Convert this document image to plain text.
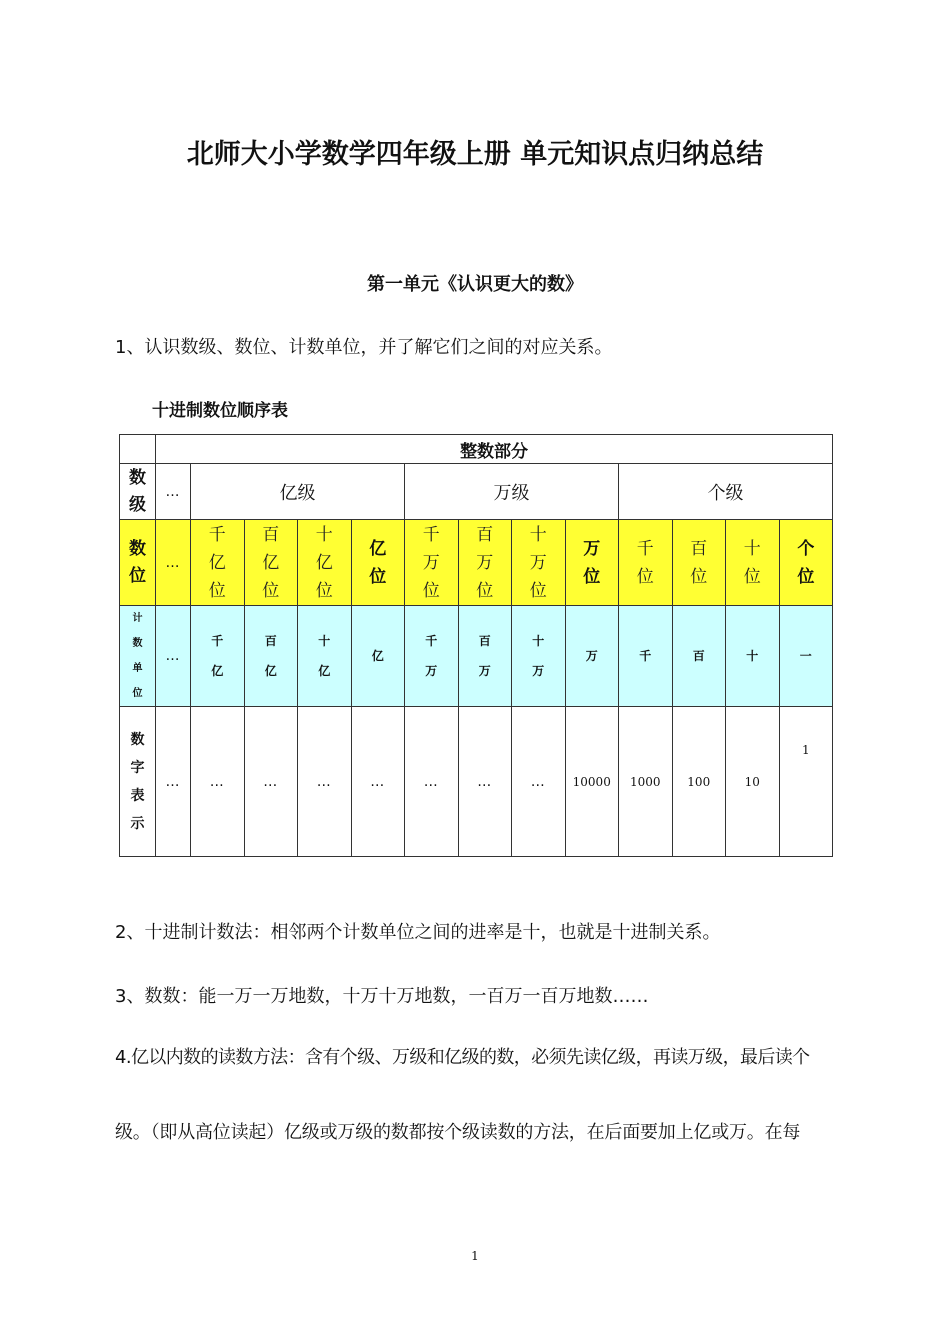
北师大小学数学四年级上册 单元知识点归纳总结
第一单元《认识更大的数》
1、认识数级、数位、计数单位，并了解它们之间的对应关系。
十进制数位顺序表
	整数部分												
数级	…	亿级				万级				个级			
数位	…	千亿位	百亿位	十亿位	亿位	千万位	百万位	十万位	万位	千位	百位	十位	个位
计数单位	…	千亿	百亿	十亿	亿	千万	百万	十万	万	千	百	十	一
数字表示	…	…	…	…	…	…	…	…	10000	1000	100	10	1
2、十进制计数法：相邻两个计数单位之间的进率是十，也就是十进制关系。
3、数数：能一万一万地数，十万十万地数，一百万一百万地数……
4.亿以内数的读数方法：含有个级、万级和亿级的数，必须先读亿级，再读万级，最后读个
级。（即从高位读起）亿级或万级的数都按个级读数的方法，在后面要加上亿或万。在每
1
